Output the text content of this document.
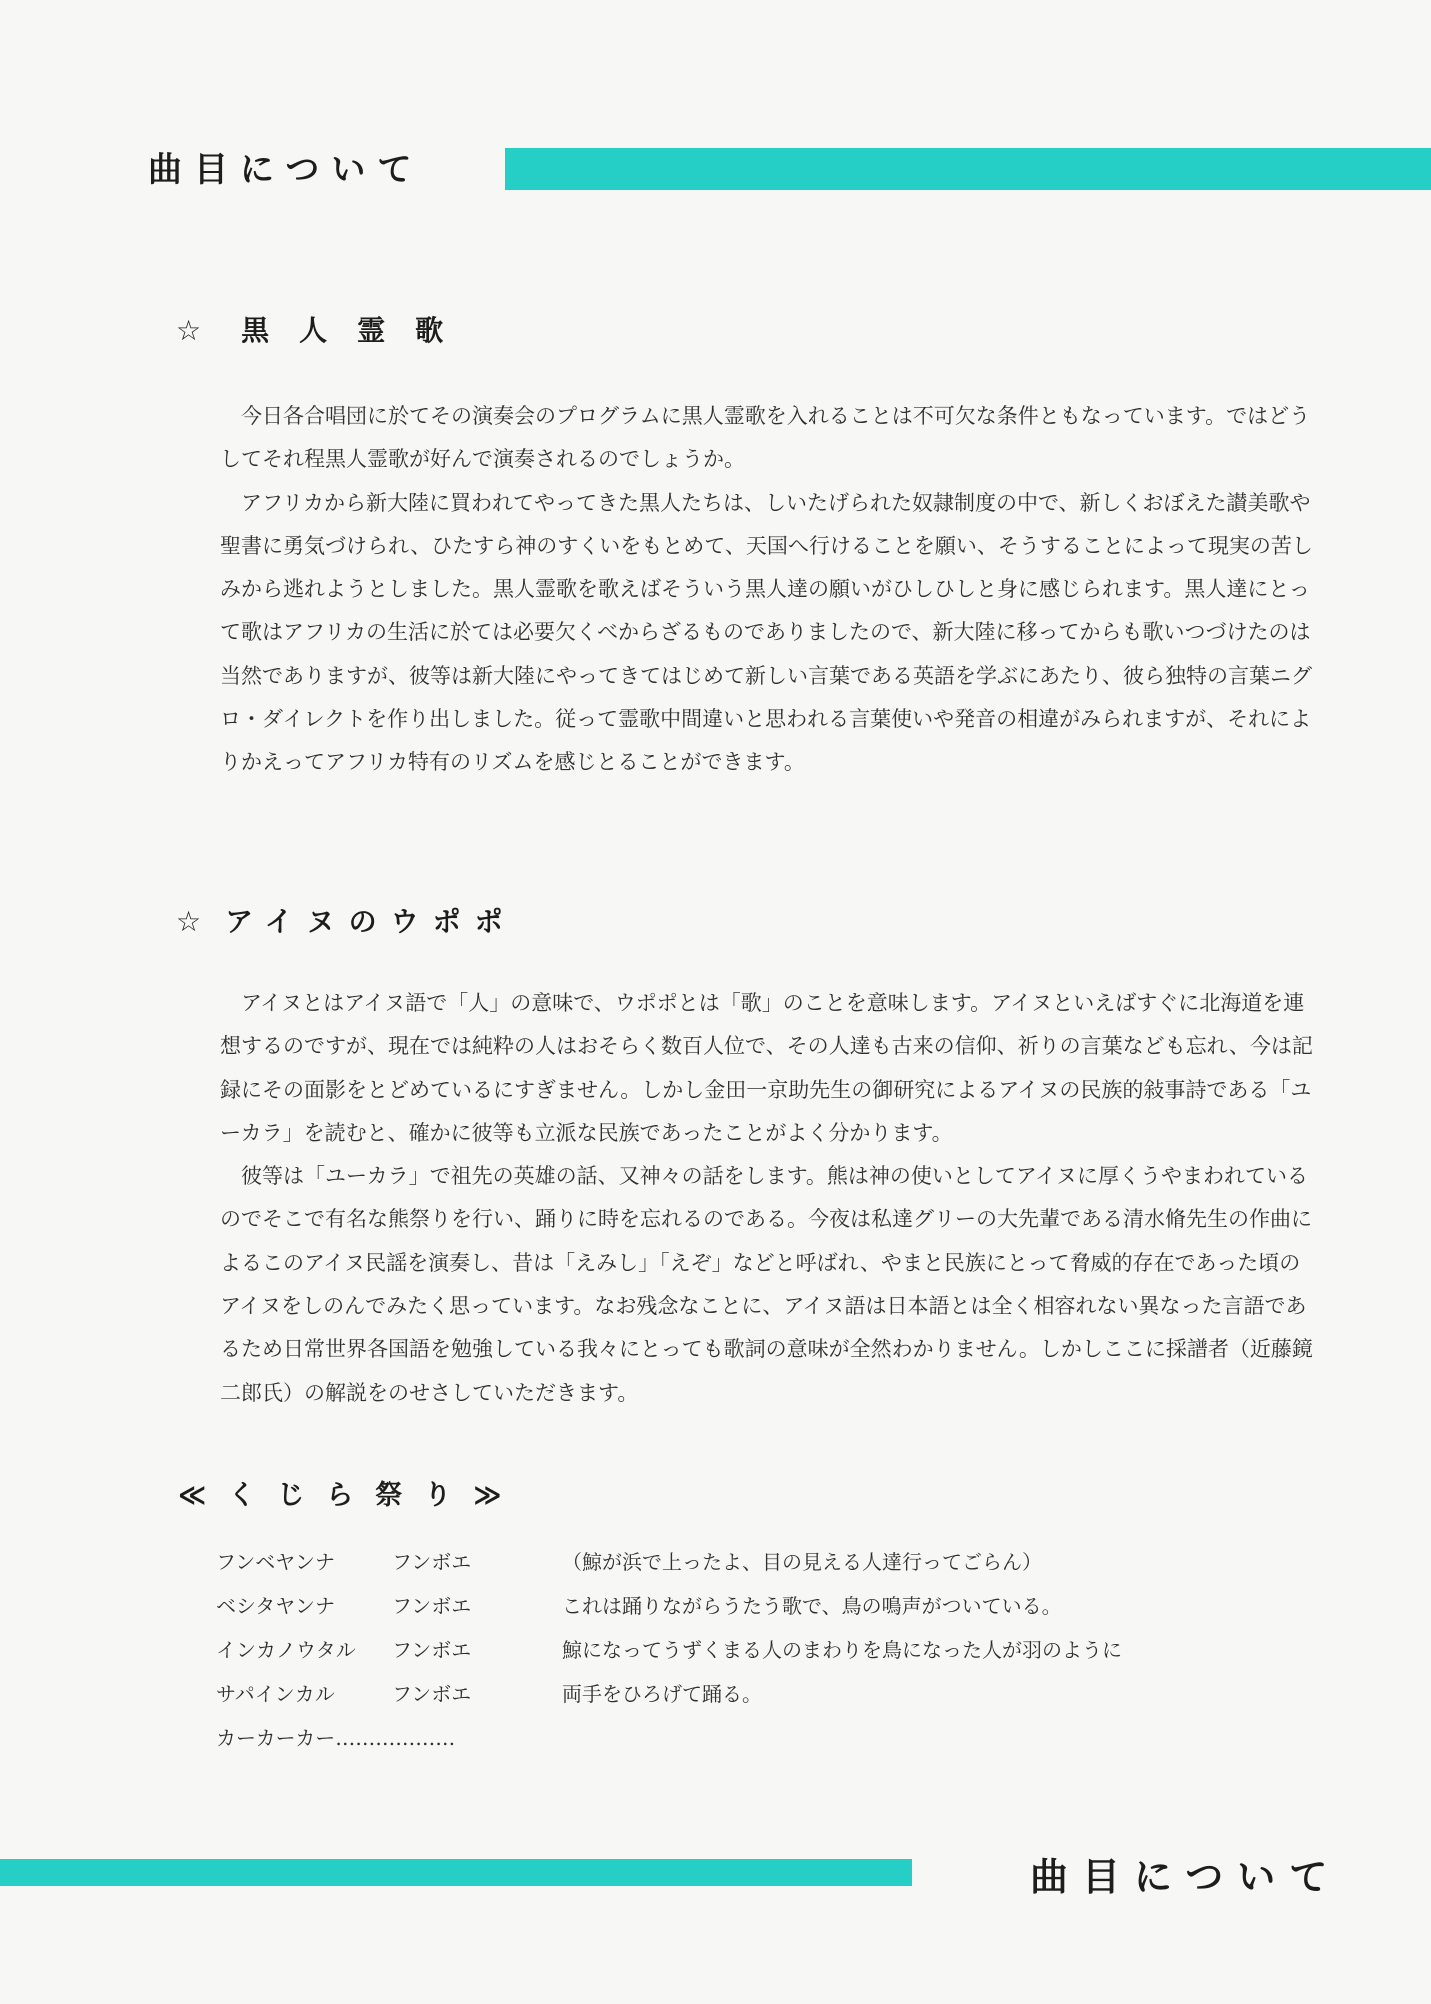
曲目について
☆ 黒人霊歌

今日各合唱団に於てその演奏会のプログラムに黒人霊歌を入れることは不可欠な条件ともなっています。ではどうしてそれ程黒人霊歌が好んで演奏されるのでしょうか。

アフリカから新大陸に買われてやってきた黒人たちは、しいたげられた奴隷制度の中で、新しくおぼえた讃美歌や聖書に勇気づけられ、ひたすら神のすくいをもとめて、天国へ行けることを願い、そうすることによって現実の苦しみから逃れようとしました。黒人霊歌を歌えばそういう黒人達の願いがひしひしと身に感じられます。黒人達にとって歌はアフリカの生活に於ては必要欠くべからざるものでありましたので、新大陸に移ってからも歌いつづけたのは当然でありますが、彼等は新大陸にやってきてはじめて新しい言葉である英語を学ぶにあたり、彼ら独特の言葉ニグロ・ダイレクトを作り出しました。従って霊歌中間違いと思われる言葉使いや発音の相違がみられますが、それによりかえってアフリカ特有のリズムを感じとることができます。

☆ アイヌのウポポ

アイヌとはアイヌ語で「人」の意味で、ウポポとは「歌」のことを意味します。アイヌといえばすぐに北海道を連想するのですが、現在では純粋の人はおそらく数百人位で、その人達も古来の信仰、祈りの言葉なども忘れ、今は記録にその面影をとどめているにすぎません。しかし金田一京助先生の御研究によるアイヌの民族的敍事詩である「ユーカラ」を読むと、確かに彼等も立派な民族であったことがよく分かります。

彼等は「ユーカラ」で祖先の英雄の話、又神々の話をします。熊は神の使いとしてアイヌに厚くうやまわれているのでそこで有名な熊祭りを行い、踊りに時を忘れるのである。今夜は私達グリーの大先輩である清水脩先生の作曲によるこのアイヌ民謡を演奏し、昔は「えみし」「えぞ」などと呼ばれ、やまと民族にとって脅威的存在であった頃のアイヌをしのんでみたく思っています。なお残念なことに、アイヌ語は日本語とは全く相容れない異なった言語であるため日常世界各国語を勉強している我々にとっても歌詞の意味が全然わかりません。しかしここに採譜者（近藤鏡二郎氏）の解説をのせさしていただきます。

≪くじら祭り≫
フンベヤンナ	フンボエ	（鯨が浜で上ったよ、目の見える人達行ってごらん）
ベシタヤンナ	フンボエ	これは踊りながらうたう歌で、鳥の鳴声がついている。
インカノウタル フンボエ	鯨になってうずくまる人のまわりを鳥になった人が羽のように
サパインカル	フンボエ	両手をひろげて踊る。
カーカーカー………………
曲目について
